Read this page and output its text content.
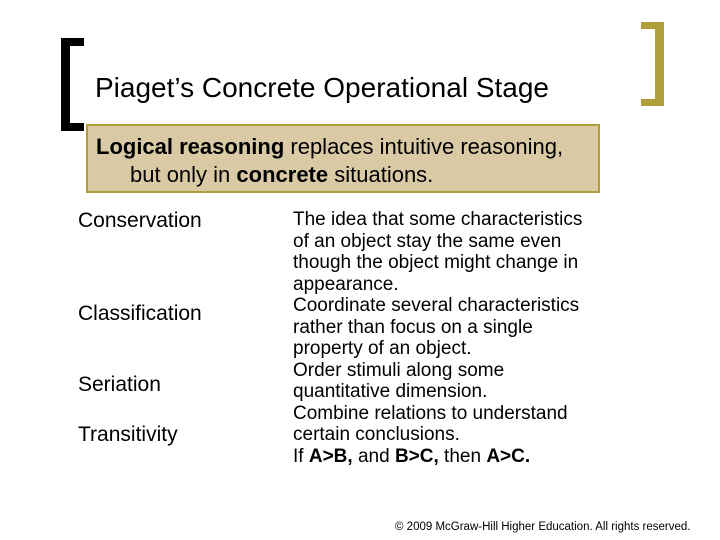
Piaget’s Concrete Operational Stage
Logical reasoning replaces intuitive reasoning,
but only in concrete situations.
Conservation
Classification
Seriation
Transitivity
The idea that some characteristics
of an object stay the same even
though the object might change in
appearance.
Coordinate several characteristics
rather than focus on a single
property of an object.
Order stimuli along some
quantitative dimension.
Combine relations to understand
certain conclusions.
If A>B, and B>C, then A>C.
© 2009 McGraw-Hill Higher Education. All rights reserved.
